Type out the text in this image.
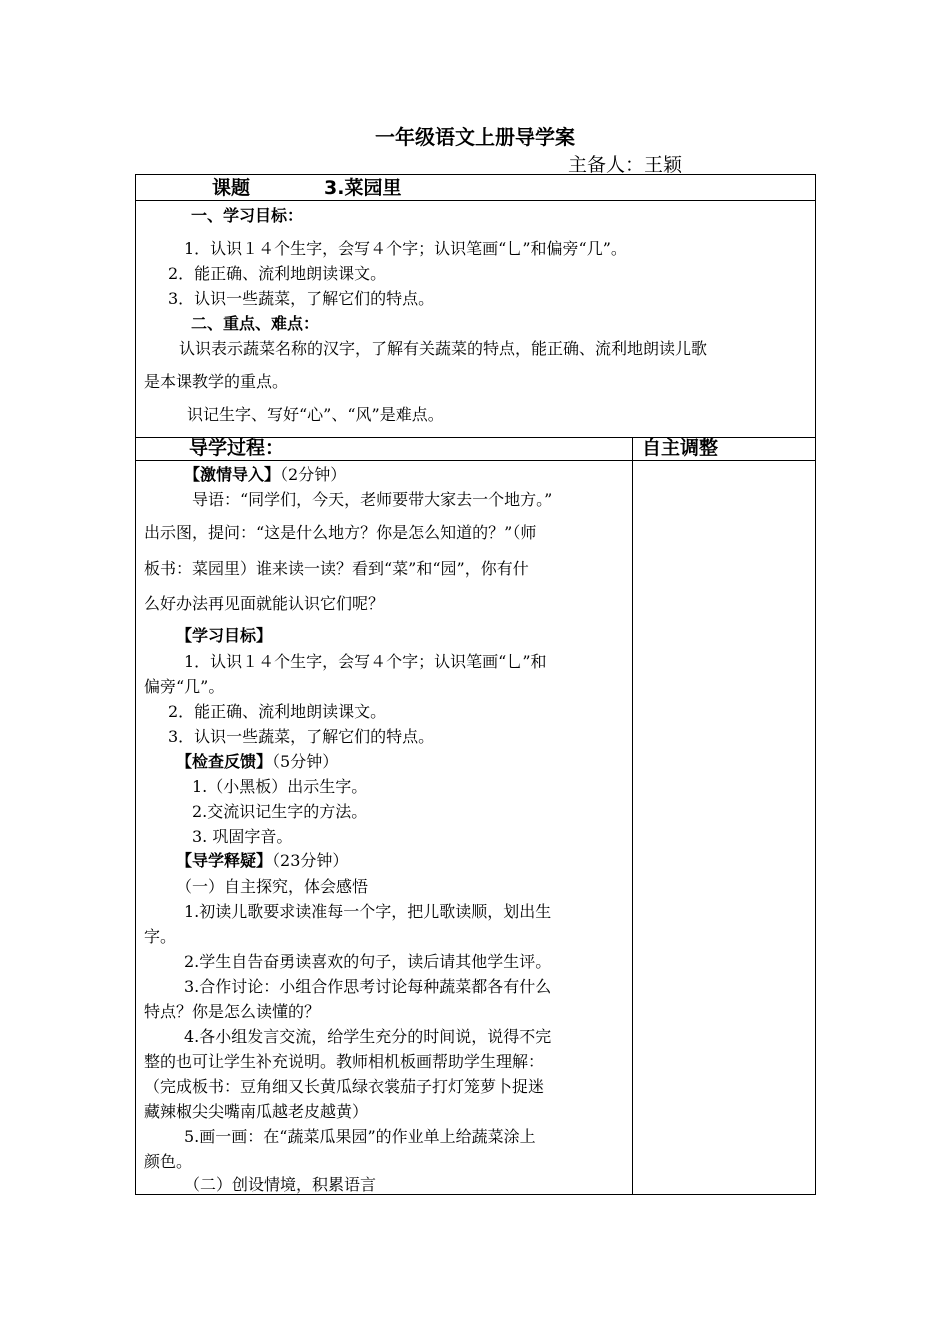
一年级语文上册导学案
主备人：王颖
课题	3.菜园里
一、学习目标：
1．认识１４个生字，会写４个字；认识笔画“乚”和偏旁“几”。
2．能正确、流利地朗读课文。
3．认识一些蔬菜，了解它们的特点。
二、重点、难点：
认识表示蔬菜名称的汉字，了解有关蔬菜的特点，能正确、流利地朗读儿歌
是本课教学的重点。
识记生字、写好“心”、“风”是难点。
导学过程：	自主调整
【激情导入】（2分钟）
导语：“同学们，今天，老师要带大家去一个地方。”
出示图，提问：“这是什么地方？你是怎么知道的？”（师
板书：菜园里）谁来读一读？看到“菜”和“园”，你有什
么好办法再见面就能认识它们呢？
【学习目标】
1．认识１４个生字，会写４个字；认识笔画“乚”和
偏旁“几”。
2．能正确、流利地朗读课文。
3．认识一些蔬菜，了解它们的特点。
【检查反馈】（5分钟）
1.（小黑板）出示生字。
2.交流识记生字的方法。
3. 巩固字音。
【导学释疑】（23分钟）
（一）自主探究，体会感悟
1.初读儿歌要求读准每一个字，把儿歌读顺，划出生
字。
2.学生自告奋勇读喜欢的句子，读后请其他学生评。
3.合作讨论：小组合作思考讨论每种蔬菜都各有什么
特点？你是怎么读懂的？
4.各小组发言交流，给学生充分的时间说，说得不完
整的也可让学生补充说明。教师相机板画帮助学生理解：
（完成板书：豆角细又长黄瓜绿衣裳茄子打灯笼萝卜捉迷
藏辣椒尖尖嘴南瓜越老皮越黄）
5.画一画：在“蔬菜瓜果园”的作业单上给蔬菜涂上
颜色。
（二）创设情境，积累语言
